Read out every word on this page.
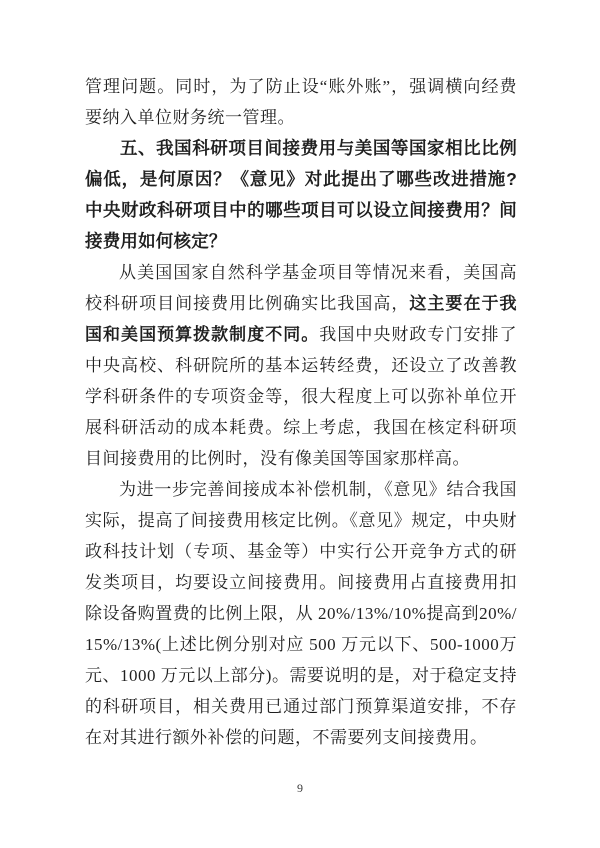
管理问题。同时，为了防止设“账外账”，强调横向经费要纳入单位财务统一管理。

五、我国科研项目间接费用与美国等国家相比比例偏低，是何原因？《意见》对此提出了哪些改进措施?中央财政科研项目中的哪些项目可以设立间接费用？间接费用如何核定？

从美国国家自然科学基金项目等情况来看，美国高校科研项目间接费用比例确实比我国高，这主要在于我国和美国预算拨款制度不同。我国中央财政专门安排了中央高校、科研院所的基本运转经费，还设立了改善教学科研条件的专项资金等，很大程度上可以弥补单位开展科研活动的成本耗费。综上考虑，我国在核定科研项目间接费用的比例时，没有像美国等国家那样高。

为进一步完善间接成本补偿机制，《意见》结合我国实际，提高了间接费用核定比例。《意见》规定，中央财政科技计划（专项、基金等）中实行公开竞争方式的研发类项目，均要设立间接费用。间接费用占直接费用扣除设备购置费的比例上限，从 20%/13%/10%提高到20%/15%/13%(上述比例分别对应 500 万元以下、500-1000万元、1000 万元以上部分)。需要说明的是，对于稳定支持的科研项目，相关费用已通过部门预算渠道安排，不存在对其进行额外补偿的问题，不需要列支间接费用。

9
